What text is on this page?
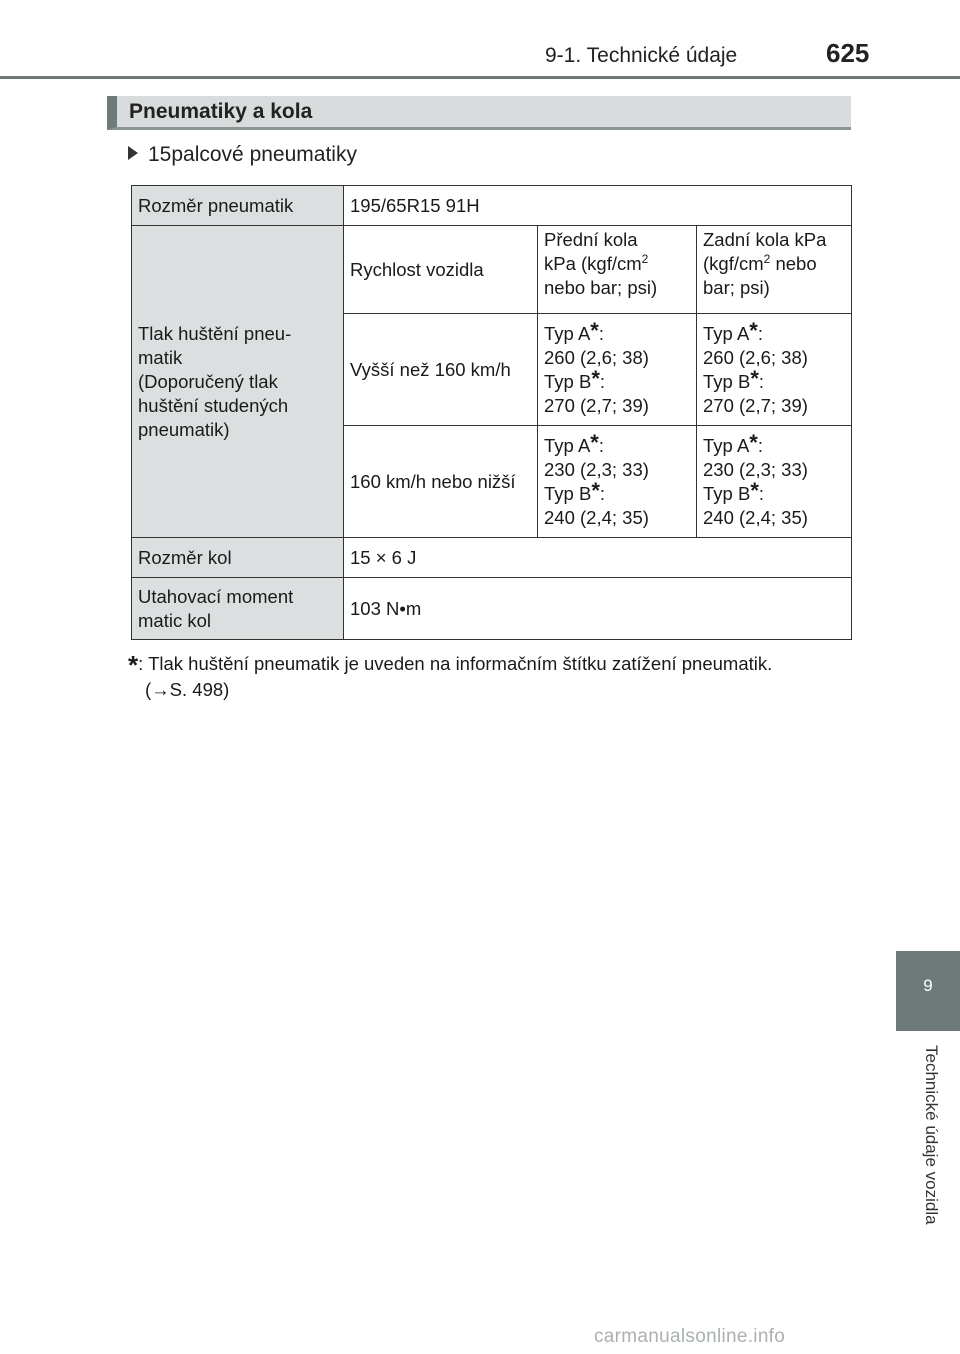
9-1. Technické údaje	625
Pneumatiky a kola
15palcové pneumatiky
Rozměr pneumatik	195/65R15 91H		
Tlak huštění pneu-
matik
(Doporučený tlak
huštění studených
pneumatik)	Rychlost vozidla	Přední kola
kPa ($kgf/cm^2$
nebo bar; psi)	Zadní kola kPa
($kgf/cm^2$ nebo
bar; psi)
	Vyšší než 160 km/h	Typ A*:
260 (2,6; 38)
Typ B*:
270 (2,7; 39)	Typ A*:
260 (2,6; 38)
Typ B*:
270 (2,7; 39)
	160 km/h nebo nižší	Typ A*:
230 (2,3; 33)
Typ B*:
240 (2,4; 35)	Typ A*:
230 (2,3; 33)
Typ B*:
240 (2,4; 35)
Rozměr kol	15 × 6 J		
Utahovací moment
matic kol	103 N•m		
*: Tlak huštění pneumatik je uveden na informačním štítku zatížení pneumatik.
(→S. 498)
9
Technické údaje vozidla
carmanualsonline.info
